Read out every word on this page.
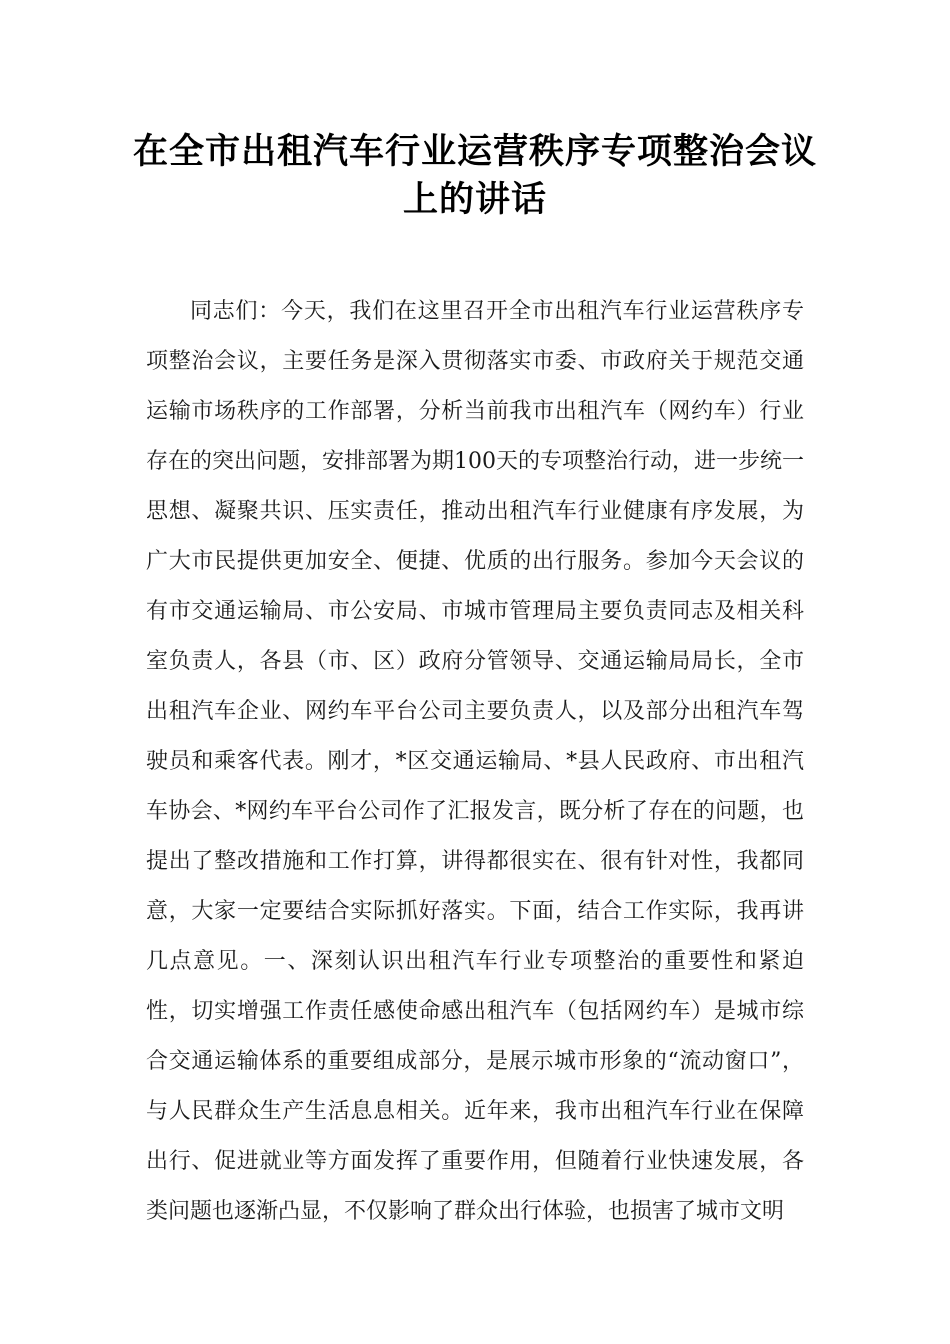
在全市出租汽车行业运营秩序专项整治会议上的讲话

同志们：今天，我们在这里召开全市出租汽车行业运营秩序专项整治会议，主要任务是深入贯彻落实市委、市政府关于规范交通运输市场秩序的工作部署，分析当前我市出租汽车（网约车）行业存在的突出问题，安排部署为期100天的专项整治行动，进一步统一思想、凝聚共识、压实责任，推动出租汽车行业健康有序发展，为广大市民提供更加安全、便捷、优质的出行服务。参加今天会议的有市交通运输局、市公安局、市城市管理局主要负责同志及相关科室负责人，各县（市、区）政府分管领导、交通运输局局长，全市出租汽车企业、网约车平台公司主要负责人，以及部分出租汽车驾驶员和乘客代表。刚才，*区交通运输局、*县人民政府、市出租汽车协会、*网约车平台公司作了汇报发言，既分析了存在的问题，也提出了整改措施和工作打算，讲得都很实在、很有针对性，我都同意，大家一定要结合实际抓好落实。下面，结合工作实际，我再讲几点意见。一、深刻认识出租汽车行业专项整治的重要性和紧迫性，切实增强工作责任感使命感出租汽车（包括网约车）是城市综合交通运输体系的重要组成部分，是展示城市形象的“流动窗口”，与人民群众生产生活息息相关。近年来，我市出租汽车行业在保障出行、促进就业等方面发挥了重要作用，但随着行业快速发展，各类问题也逐渐凸显，不仅影响了群众出行体验，也损害了城市文明
